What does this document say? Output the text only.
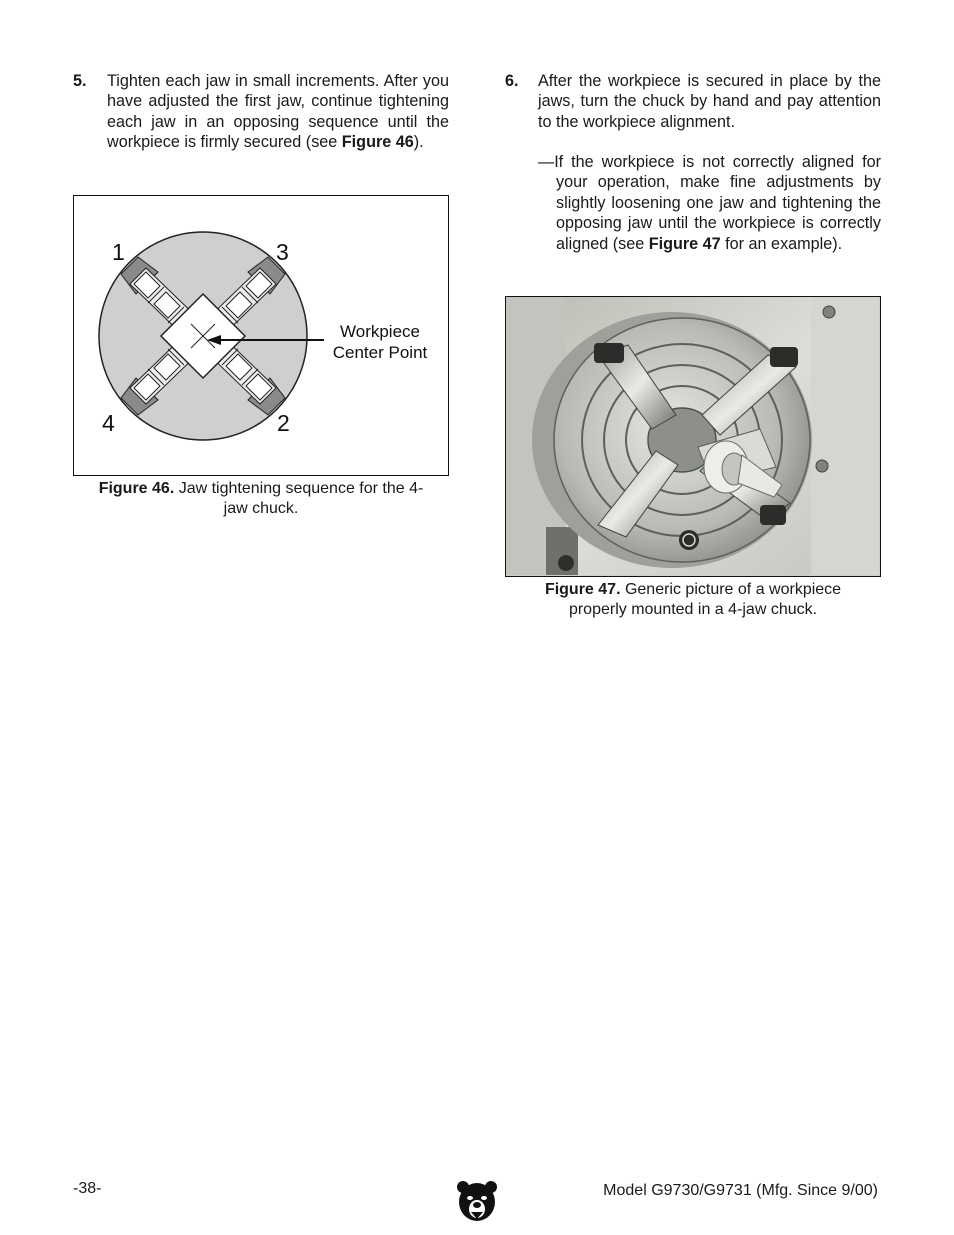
5. Tighten each jaw in small increments. After you have adjusted the first jaw, continue tightening each jaw in an opposing sequence until the workpiece is firmly secured (see Figure 46).
1	3
4	2
Workpiece
Center Point
Figure 46. Jaw tightening sequence for the 4-jaw chuck.
6. After the workpiece is secured in place by the jaws, turn the chuck by hand and pay attention to the workpiece alignment.
—If the workpiece is not correctly aligned for your operation, make fine adjustments by slightly loosening one jaw and tightening the opposing jaw until the workpiece is correctly aligned (see Figure 47 for an example).
Figure 47. Generic picture of a workpiece properly mounted in a 4-jaw chuck.
-38-	Model G9730/G9731 (Mfg. Since 9/00)
